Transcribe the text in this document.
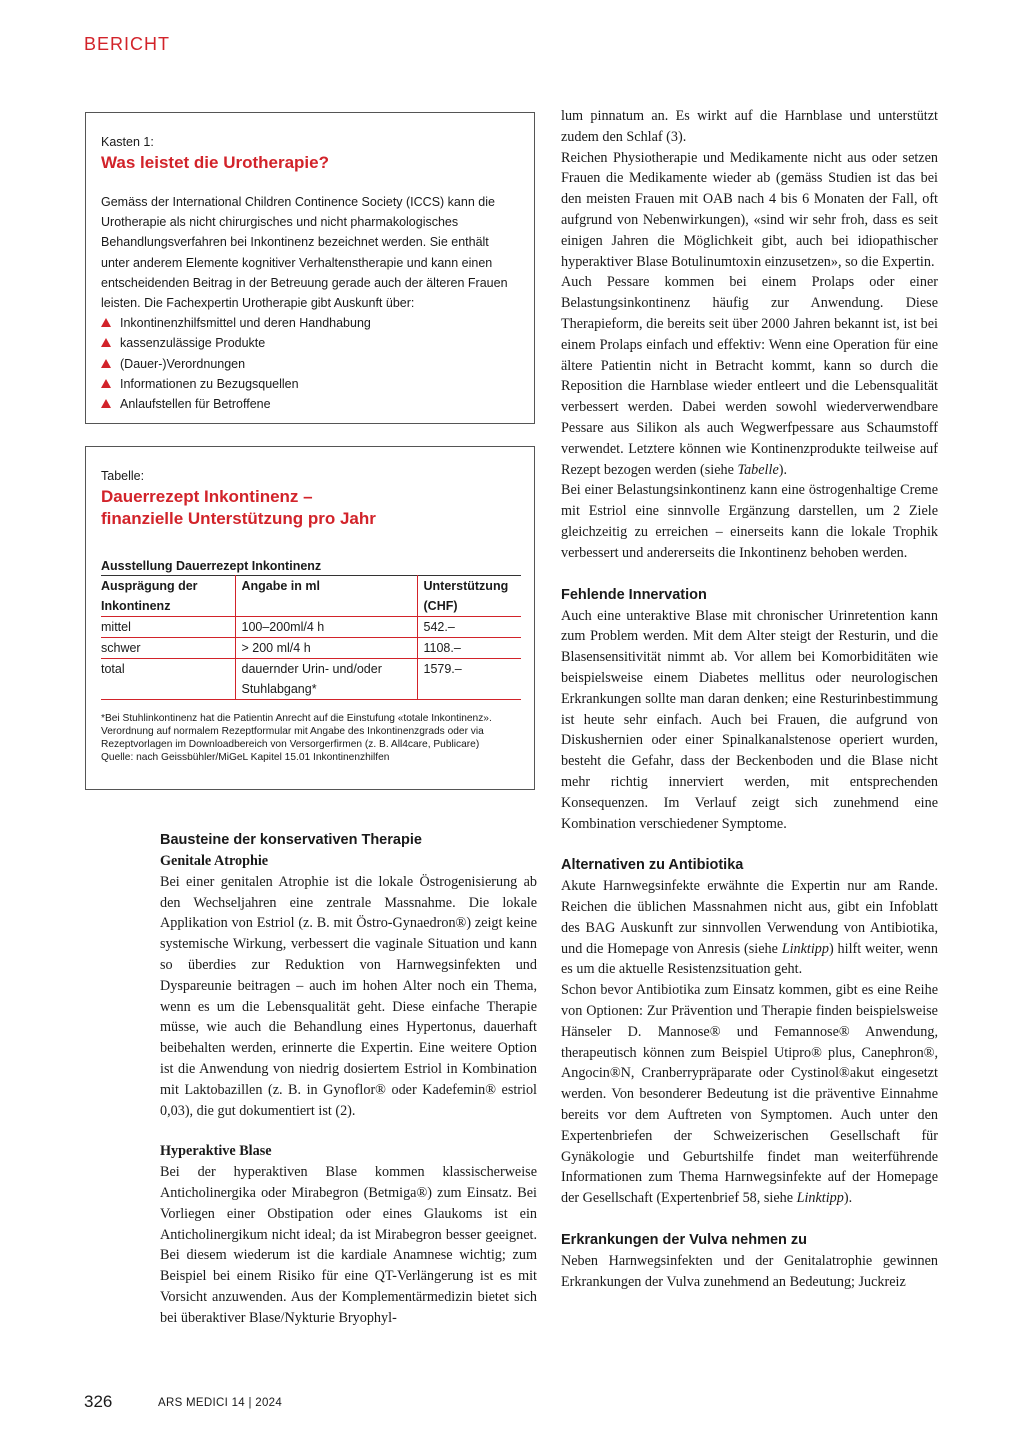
BERICHT
Kasten 1:
Was leistet die Urotherapie?
Gemäss der International Children Continence Society (ICCS) kann die Urotherapie als nicht chirurgisches und nicht pharmakologisches Behandlungsverfahren bei Inkontinenz bezeichnet werden. Sie enthält unter anderem Elemente kognitiver Verhaltenstherapie und kann einen entscheidenden Beitrag in der Betreuung gerade auch der älteren Frauen leisten. Die Fachexpertin Urotherapie gibt Auskunft über:
Inkontinenzhilfsmittel und deren Handhabung
kassenzulässige Produkte
(Dauer-)Verordnungen
Informationen zu Bezugsquellen
Anlaufstellen für Betroffene
Tabelle:
Dauerrezept Inkontinenz –
finanzielle Unterstützung pro Jahr
Ausstellung Dauerrezept Inkontinenz
Ausprägung der Inkontinenz	Angabe in ml	Unterstützung (CHF)
mittel	100–200ml/4 h	542.–
schwer	> 200 ml/4 h	1108.–
total	dauernder Urin- und/oder Stuhlabgang*	1579.–
*Bei Stuhlinkontinenz hat die Patientin Anrecht auf die Einstufung «totale Inkontinenz».
Verordnung auf normalem Rezeptformular mit Angabe des Inkontinenzgrads oder via Rezeptvorlagen im Downloadbereich von Versorgerfirmen (z. B. All4care, Publicare)
Quelle: nach Geissbühler/MiGeL Kapitel 15.01 Inkontinenzhilfen
Bausteine der konservativen Therapie
Genitale Atrophie

Bei einer genitalen Atrophie ist die lokale Östrogenisierung ab den Wechseljahren eine zentrale Massnahme. Die lokale Applikation von Estriol (z. B. mit Östro-Gynaedron®) zeigt keine systemische Wirkung, verbessert die vaginale Situation und kann so überdies zur Reduktion von Harnwegsinfekten und Dyspareunie beitragen – auch im hohen Alter noch ein Thema, wenn es um die Lebensqualität geht. Diese einfache Therapie müsse, wie auch die Behandlung eines Hypertonus, dauerhaft beibehalten werden, erinnerte die Expertin. Eine weitere Option ist die Anwendung von niedrig dosiertem Estriol in Kombination mit Laktobazillen (z. B. in Gynoflor® oder Kadefemin® estriol 0,03), die gut dokumentiert ist (2).

Hyperaktive Blase

Bei der hyperaktiven Blase kommen klassischerweise Anticholinergika oder Mirabegron (Betmiga®) zum Einsatz. Bei Vorliegen einer Obstipation oder eines Glaukoms ist ein Anticholinergikum nicht ideal; da ist Mirabegron besser geeignet. Bei diesem wiederum ist die kardiale Anamnese wichtig; zum Beispiel bei einem Risiko für eine QT-Verlängerung ist es mit Vorsicht anzuwenden. Aus der Komplementärmedizin bietet sich bei überaktiver Blase/Nykturie Bryophyl-

lum pinnatum an. Es wirkt auf die Harnblase und unterstützt zudem den Schlaf (3).

Reichen Physiotherapie und Medikamente nicht aus oder setzen Frauen die Medikamente wieder ab (gemäss Studien ist das bei den meisten Frauen mit OAB nach 4 bis 6 Monaten der Fall, oft aufgrund von Nebenwirkungen), «sind wir sehr froh, dass es seit einigen Jahren die Möglichkeit gibt, auch bei idiopathischer hyperaktiver Blase Botulinumtoxin einzusetzen», so die Expertin.

Auch Pessare kommen bei einem Prolaps oder einer Belastungsinkontinenz häufig zur Anwendung. Diese Therapieform, die bereits seit über 2000 Jahren bekannt ist, ist bei einem Prolaps einfach und effektiv: Wenn eine Operation für eine ältere Patientin nicht in Betracht kommt, kann so durch die Reposition die Harnblase wieder entleert und die Lebensqualität verbessert werden. Dabei werden sowohl wiederverwendbare Pessare aus Silikon als auch Wegwerfpessare aus Schaumstoff verwendet. Letztere können wie Kontinenzprodukte teilweise auf Rezept bezogen werden (siehe Tabelle).

Bei einer Belastungsinkontinenz kann eine östrogenhaltige Creme mit Estriol eine sinnvolle Ergänzung darstellen, um 2 Ziele gleichzeitig zu erreichen – einerseits kann die lokale Trophik verbessert und andererseits die Inkontinenz behoben werden.

Fehlende Innervation

Auch eine unteraktive Blase mit chronischer Urinretention kann zum Problem werden. Mit dem Alter steigt der Resturin, und die Blasensensitivität nimmt ab. Vor allem bei Komorbiditäten wie beispielsweise einem Diabetes mellitus oder neurologischen Erkrankungen sollte man daran denken; eine Resturinbestimmung ist heute sehr einfach. Auch bei Frauen, die aufgrund von Diskushernien oder einer Spinalkanalstenose operiert wurden, besteht die Gefahr, dass der Beckenboden und die Blase nicht mehr richtig innerviert werden, mit entsprechenden Konsequenzen. Im Verlauf zeigt sich zunehmend eine Kombination verschiedener Symptome.

Alternativen zu Antibiotika

Akute Harnwegsinfekte erwähnte die Expertin nur am Rande. Reichen die üblichen Massnahmen nicht aus, gibt ein Infoblatt des BAG Auskunft zur sinnvollen Verwendung von Antibiotika, und die Homepage von Anresis (siehe Linktipp) hilft weiter, wenn es um die aktuelle Resistenzsituation geht.

Schon bevor Antibiotika zum Einsatz kommen, gibt es eine Reihe von Optionen: Zur Prävention und Therapie finden beispielsweise Hänseler D. Mannose® und Femannose® Anwendung, therapeutisch können zum Beispiel Utipro® plus, Canephron®, Angocin®N, Cranberrypräparate oder Cystinol®akut eingesetzt werden. Von besonderer Bedeutung ist die präventive Einnahme bereits vor dem Auftreten von Symptomen. Auch unter den Expertenbriefen der Schweizerischen Gesellschaft für Gynäkologie und Geburtshilfe findet man weiterführende Informationen zum Thema Harnwegsinfekte auf der Homepage der Gesellschaft (Expertenbrief 58, siehe Linktipp).

Erkrankungen der Vulva nehmen zu

Neben Harnwegsinfekten und der Genitalatrophie gewinnen Erkrankungen der Vulva zunehmend an Bedeutung; Juckreiz

326	ARS MEDICI 14 | 2024
